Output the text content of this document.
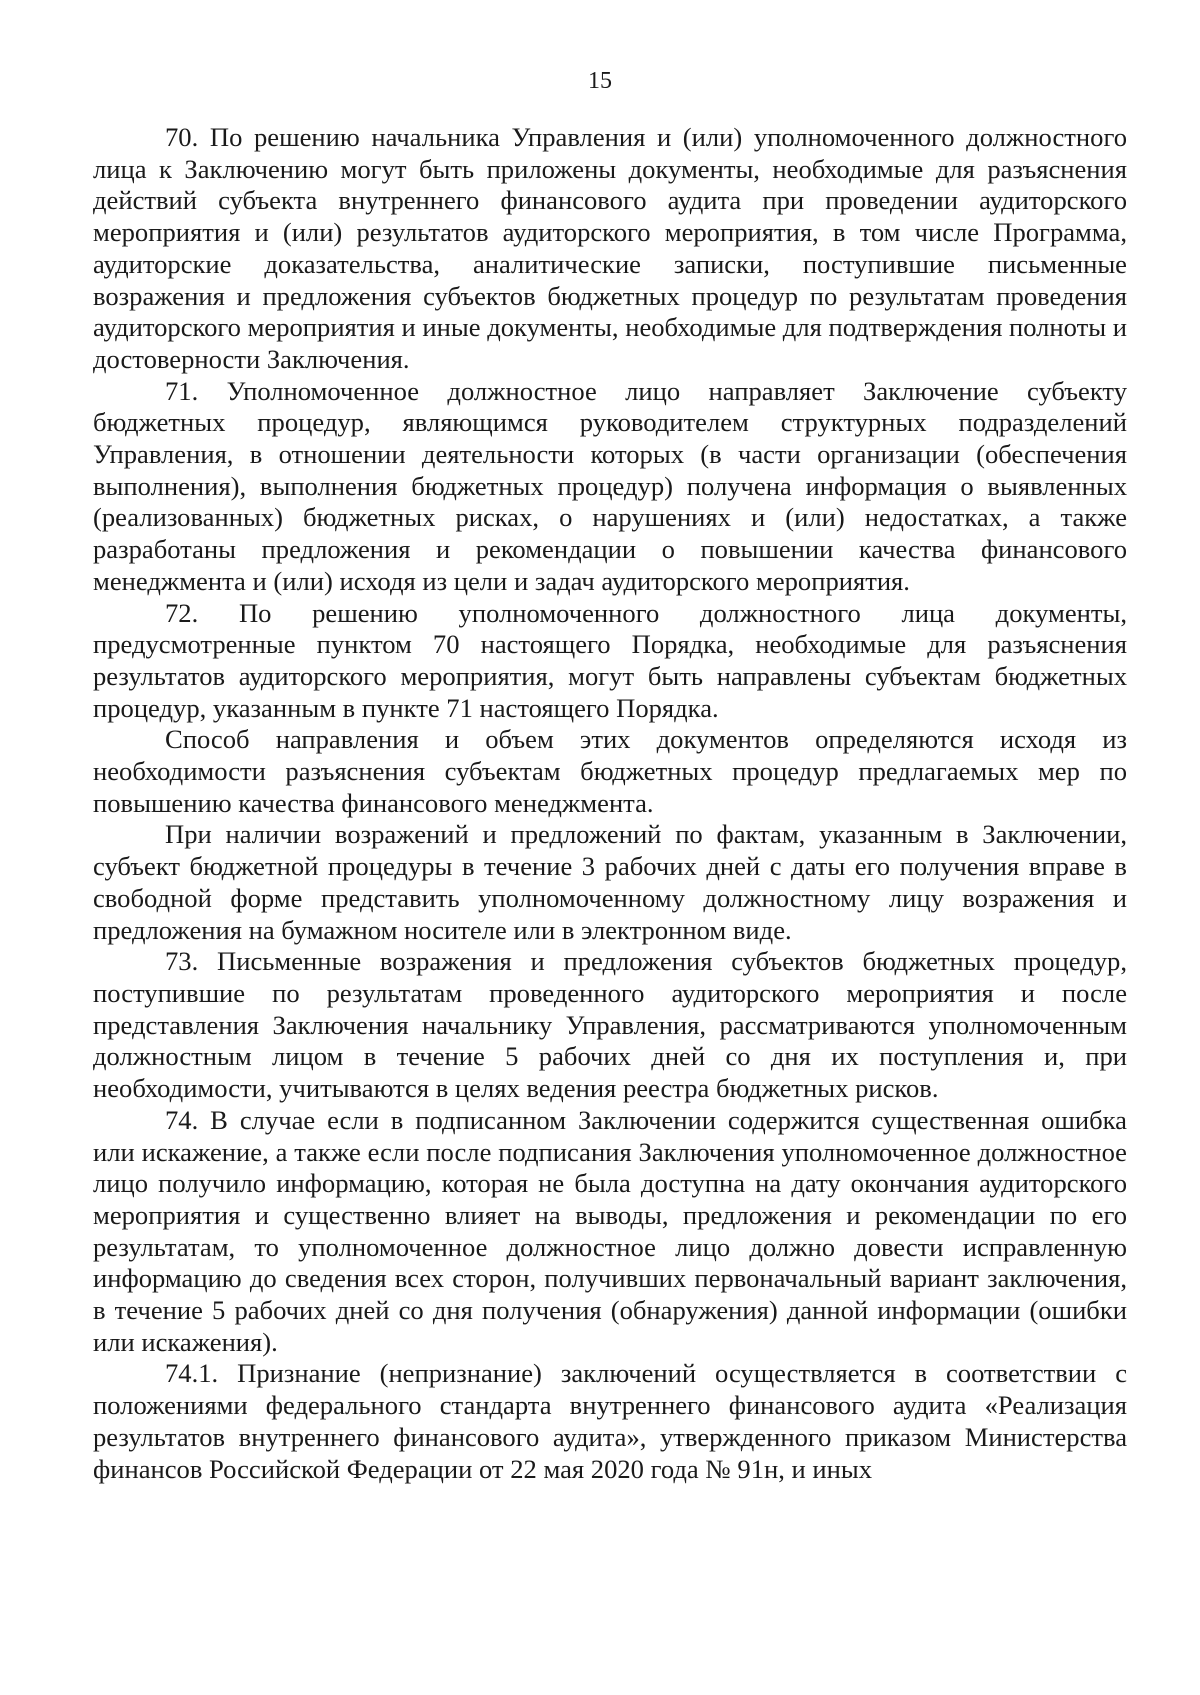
15

70. По решению начальника Управления и (или) уполномоченного должностного лица к Заключению могут быть приложены документы, необходимые для разъяснения действий субъекта внутреннего финансового аудита при проведении аудиторского мероприятия и (или) результатов аудиторского мероприятия, в том числе Программа, аудиторские доказательства, аналитические записки, поступившие письменные возражения и предложения субъектов бюджетных процедур по результатам проведения аудиторского мероприятия и иные документы, необходимые для подтверждения полноты и достоверности Заключения.

71. Уполномоченное должностное лицо направляет Заключение субъекту бюджетных процедур, являющимся руководителем структурных подразделений Управления, в отношении деятельности которых (в части организации (обеспечения выполнения), выполнения бюджетных процедур) получена информация о выявленных (реализованных) бюджетных рисках, о нарушениях и (или) недостатках, а также разработаны предложения и рекомендации о повышении качества финансового менеджмента и (или) исходя из цели и задач аудиторского мероприятия.

72. По решению уполномоченного должностного лица документы, предусмотренные пунктом 70 настоящего Порядка, необходимые для разъяснения результатов аудиторского мероприятия, могут быть направлены субъектам бюджетных процедур, указанным в пункте 71 настоящего Порядка.

Способ направления и объем этих документов определяются исходя из необходимости разъяснения субъектам бюджетных процедур предлагаемых мер по повышению качества финансового менеджмента.

При наличии возражений и предложений по фактам, указанным в Заключении, субъект бюджетной процедуры в течение 3 рабочих дней с даты его получения вправе в свободной форме представить уполномоченному должностному лицу возражения и предложения на бумажном носителе или в электронном виде.

73. Письменные возражения и предложения субъектов бюджетных процедур, поступившие по результатам проведенного аудиторского мероприятия и после представления Заключения начальнику Управления, рассматриваются уполномоченным должностным лицом в течение 5 рабочих дней со дня их поступления и, при необходимости, учитываются в целях ведения реестра бюджетных рисков.

74. В случае если в подписанном Заключении содержится существенная ошибка или искажение, а также если после подписания Заключения уполномоченное должностное лицо получило информацию, которая не была доступна на дату окончания аудиторского мероприятия и существенно влияет на выводы, предложения и рекомендации по его результатам, то уполномоченное должностное лицо должно довести исправленную информацию до сведения всех сторон, получивших первоначальный вариант заключения, в течение 5 рабочих дней со дня получения (обнаружения) данной информации (ошибки или искажения).

74.1. Признание (непризнание) заключений осуществляется в соответствии с положениями федерального стандарта внутреннего финансового аудита «Реализация результатов внутреннего финансового аудита», утвержденного приказом Министерства финансов Российской Федерации от 22 мая 2020 года № 91н, и иных
